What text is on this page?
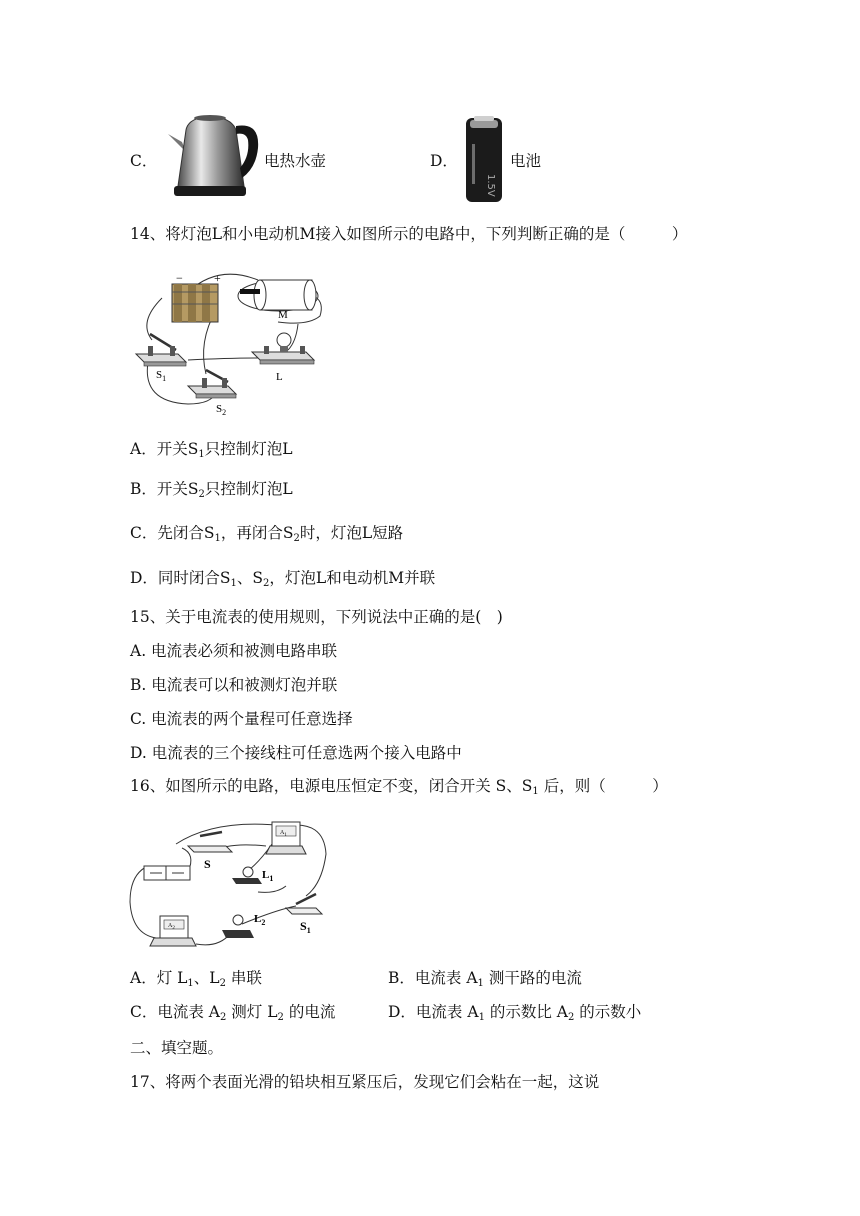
C．	电热水壶	D．
1.5V
电池
14、将灯泡L和小电动机M接入如图所示的电路中，下列判断正确的是（　　　）
−	+
M
$S_1$
$S_2$
L
A．开关$S_1$只控制灯泡L
B．开关$S_2$只控制灯泡L
C．先闭合$S_1$，再闭合$S_2$时，灯泡L短路
D．同时闭合$S_1$、$S_2$，灯泡L和电动机M并联
15、关于电流表的使用规则，下列说法中正确的是(　)
A. 电流表必须和被测电路串联
B. 电流表可以和被测灯泡并联
C. 电流表的两个量程可任意选择
D. 电流表的三个接线柱可任意选两个接入电路中
16、如图所示的电路，电源电压恒定不变，闭合开关 S、$S_1$ 后，则（　　　）
S
$A_1$
$L_1$
$L_2$	$S_1$
$A_2$
A．灯 $L_1$、$L_2$ 串联	B．电流表 $A_1$ 测干路的电流
C．电流表 $A_2$ 测灯 $L_2$ 的电流	D．电流表 $A_1$ 的示数比 $A_2$ 的示数小
二、填空题。
17、将两个表面光滑的铅块相互紧压后，发现它们会粘在一起，这说
